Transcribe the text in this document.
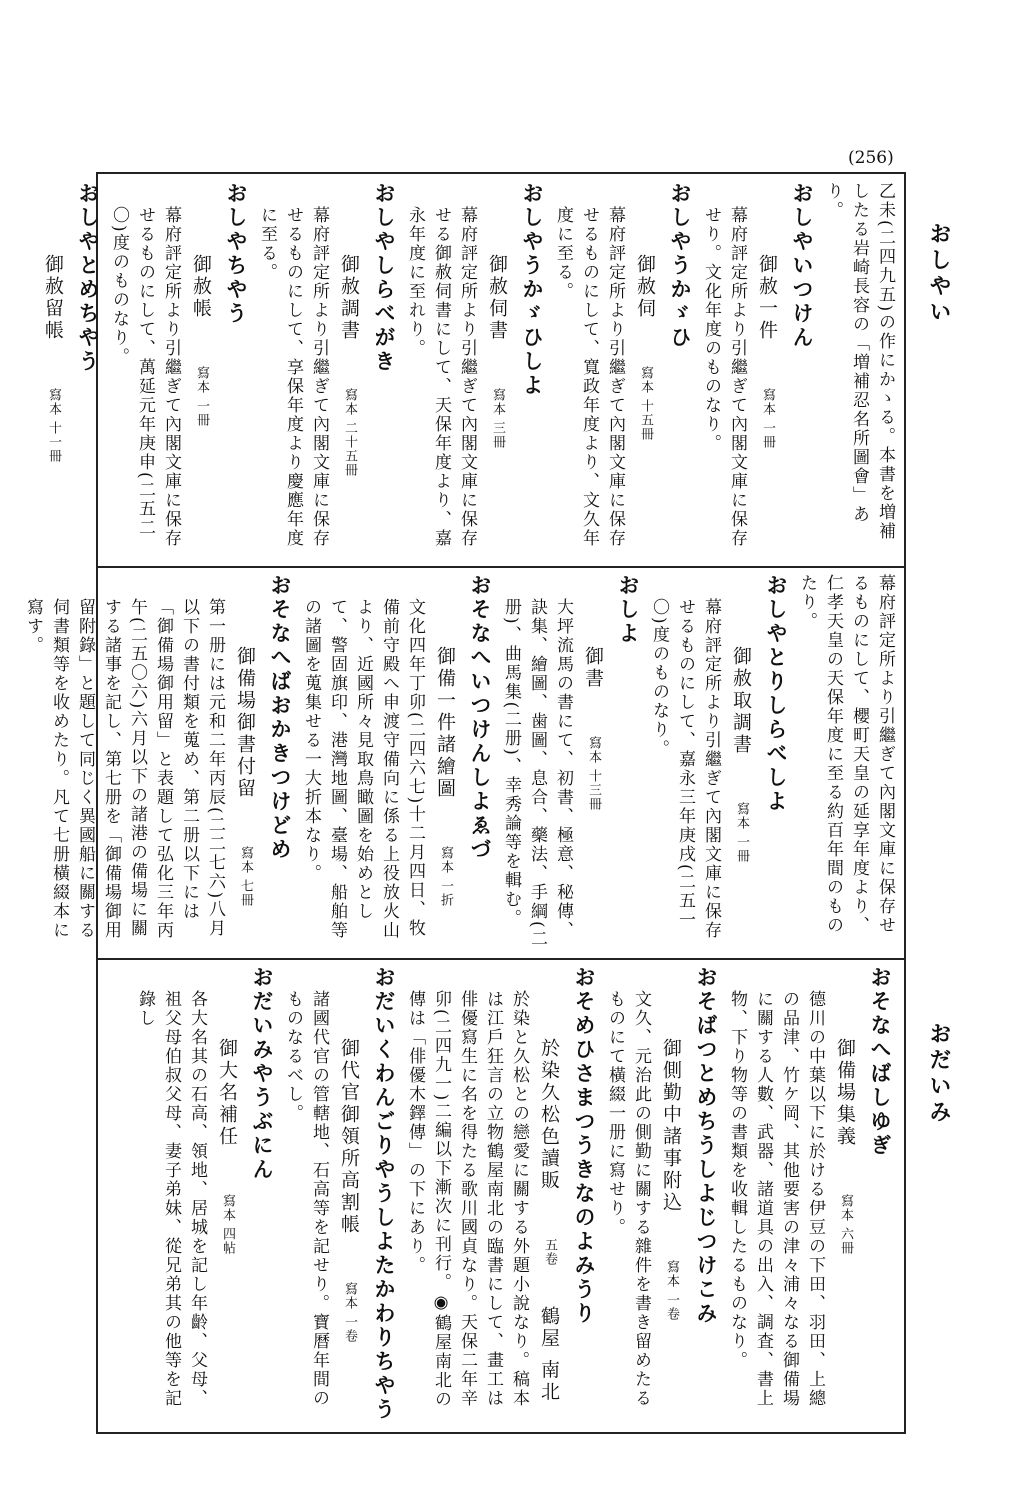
(256)
おしやい
おだいみ

乙未(二四九五)の作にかゝる。本書を増補したる岩崎長容の「増補忍名所圖會」あり。

おしやいつけん

御赦一件　　寫本 一冊

幕府評定所より引繼ぎて內閣文庫に保存せり。文化年度のものなり。

おしやうかゞひ

御赦伺　　寫本 十五冊

幕府評定所より引繼ぎて內閣文庫に保存せるものにして、寬政年度より、文久年度に至る。

おしやうかゞひしよ

御赦伺書　　寫本 三冊

幕府評定所より引繼ぎて內閣文庫に保存せる御赦伺書にして、天保年度より、嘉永年度に至れり。

おしやしらべがき

御赦調書　　寫本 二十五冊

幕府評定所より引繼ぎて內閣文庫に保存せるものにして、享保年度より慶應年度に至る。

おしやちやう

御赦帳　　寫本 一冊

幕府評定所より引繼ぎて內閣文庫に保存せるものにして、萬延元年庚申(二五二〇)度のものなり。

おしやとめちやう

御赦留帳　　寫本 十一冊

幕府評定所より引繼ぎて內閣文庫に保存せるものにして、櫻町天皇の延享年度より、仁孝天皇の天保年度に至る約百年間のものたり。

おしやとりしらべしよ

御赦取調書　　寫本 一冊

幕府評定所より引繼ぎて內閣文庫に保存せるものにして、嘉永三年庚戌(二五一〇)度のものなり。

おしよ

御書　　寫本 十三冊

大坪流馬の書にて、初書、極意、秘傳、訣集、繪圖、歯圖、息合、藥法、手綱(二册)、曲馬集(二册)、幸秀論等を輯む。

おそなへいつけんしよゑづ

御備一件諸繪圖　　寫本 一折

文化四年丁卯(二四六七)十二月四日、牧備前守殿へ申渡守備向に係る上役放火山より、近國所々見取鳥瞰圖を始めとして、警固旗印、港灣地圖、臺場、船舶等の諸圖を蒐集せる一大折本なり。

おそなへばおかきつけどめ

御備場御書付留　　寫本 七冊

第一册には元和二年丙辰(二二七六)八月以下の書付類を蒐め、第二册以下には「御備場御用留」と表題して弘化三年丙午(二五〇六)六月以下の諸港の備場に關する諸事を記し、第七册を「御備場御用留附錄」と題して同じく異國船に關する伺書類等を收めたり。凡て七册橫綴本に寫す。

おそなへばしゆぎ

御備場集義　　寫本 六冊

德川の中葉以下に於ける伊豆の下田、羽田、上總の品津、竹ケ岡、其他要害の津々浦々なる御備場に關する人數、武器、諸道具の出入、調査、書上物、下り物等の書類を收輯したるものなり。

おそばつとめちうしよじつけこみ

御側勤中諸事附込　　寫本 一卷

文久、元治此の側勤に關する雜件を書き留めたるものにて橫綴一册に寫せり。

おそめひさまつうきなのよみうり

於染久松色讀販　　五卷　鶴屋 南北

於染と久松との戀愛に關する外題小說なり。稿本は江戶狂言の立物鶴屋南北の臨書にして、畫工は俳優寫生に名を得たる歌川國貞なり。天保二年辛卯(二四九一)二編以下漸次に刊行。◉鶴屋南北の傳は「俳優木鐸傳」の下にあり。

おだいくわんごりやうしよたかわりちやう

御代官御領所高割帳　　寫本 一卷

諸國代官の管轄地、石高等を記せり。寶曆年間のものなるべし。

おだいみやうぶにん

御大名補任　　寫本 四帖

各大名其の石高、領地、居城を記し年齡、父母、祖父母伯叔父母、妻子弟妹、從兄弟其の他等を記錄し
